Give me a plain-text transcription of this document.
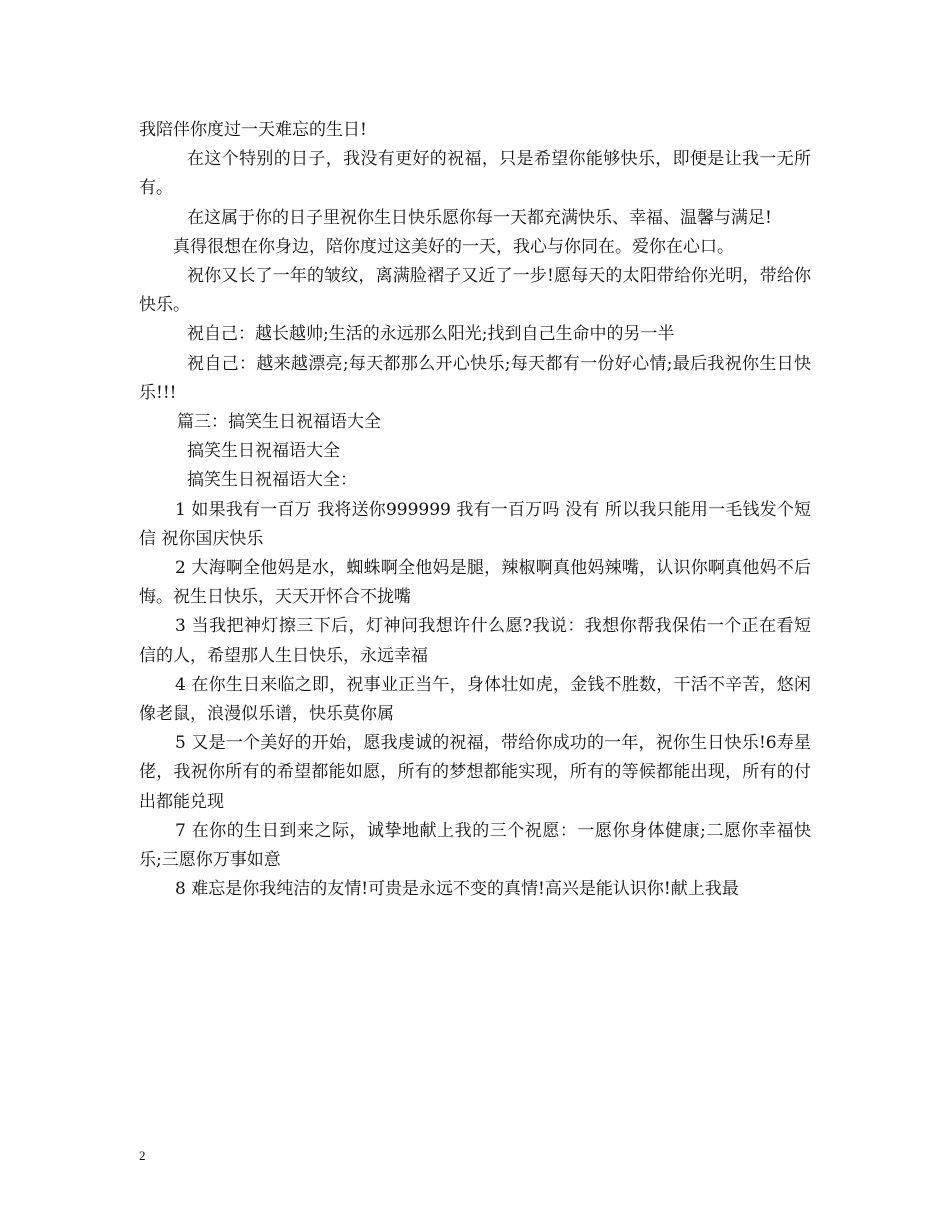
我陪伴你度过一天难忘的生日!

在这个特别的日子，我没有更好的祝福，只是希望你能够快乐，即便是让我一无所有。

在这属于你的日子里祝你生日快乐愿你每一天都充满快乐、幸福、温馨与满足!

真得很想在你身边，陪你度过这美好的一天，我心与你同在。爱你在心口。

祝你又长了一年的皱纹，离满脸褶子又近了一步!愿每天的太阳带给你光明，带给你快乐。

祝自己：越长越帅;生活的永远那么阳光;找到自己生命中的另一半

祝自己：越来越漂亮;每天都那么开心快乐;每天都有一份好心情;最后我祝你生日快乐!!!

篇三：搞笑生日祝福语大全

搞笑生日祝福语大全

搞笑生日祝福语大全：

1 如果我有一百万 我将送你999999 我有一百万吗 没有 所以我只能用一毛钱发个短信 祝你国庆快乐

2 大海啊全他妈是水，蜘蛛啊全他妈是腿，辣椒啊真他妈辣嘴，认识你啊真他妈不后悔。祝生日快乐，天天开怀合不拢嘴

3 当我把神灯擦三下后，灯神问我想许什么愿?我说：我想你帮我保佑一个正在看短信的人，希望那人生日快乐，永远幸福

4 在你生日来临之即，祝事业正当午，身体壮如虎，金钱不胜数，干活不辛苦，悠闲像老鼠，浪漫似乐谱，快乐莫你属

5 又是一个美好的开始，愿我虔诚的祝福，带给你成功的一年，祝你生日快乐!6寿星佬，我祝你所有的希望都能如愿，所有的梦想都能实现，所有的等候都能出现，所有的付出都能兑现

7 在你的生日到来之际，诚挚地献上我的三个祝愿：一愿你身体健康;二愿你幸福快乐;三愿你万事如意

8 难忘是你我纯洁的友情!可贵是永远不变的真情!高兴是能认识你!献上我最

2
